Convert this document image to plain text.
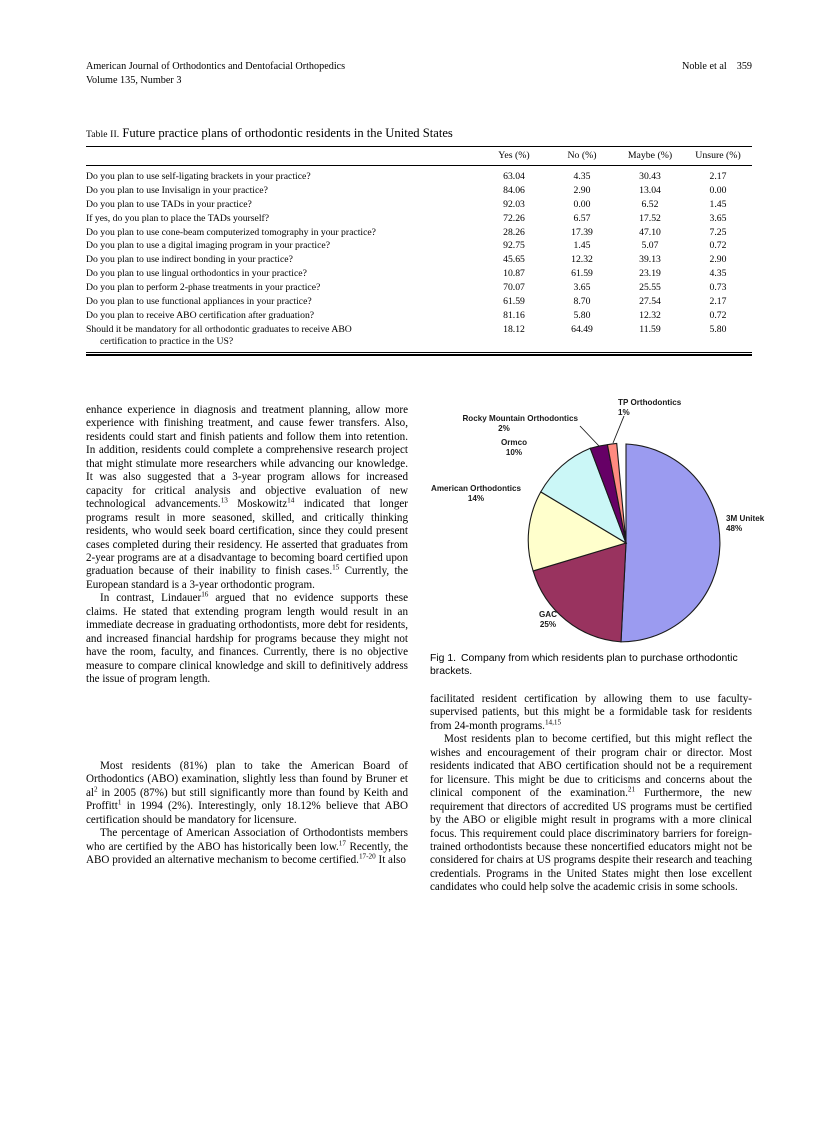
Noble et al 359
American Journal of Orthodontics and Dentofacial Orthopedics
Volume 135, Number 3
Table II. Future practice plans of orthodontic residents in the United States
	Yes (%)	No (%)	Maybe (%)	Unsure (%)
Do you plan to use self-ligating brackets in your practice?	63.04	4.35	30.43	2.17
Do you plan to use Invisalign in your practice?	84.06	2.90	13.04	0.00
Do you plan to use TADs in your practice?	92.03	0.00	6.52	1.45
If yes, do you plan to place the TADs yourself?	72.26	6.57	17.52	3.65
Do you plan to use cone-beam computerized tomography in your practice?	28.26	17.39	47.10	7.25
Do you plan to use a digital imaging program in your practice?	92.75	1.45	5.07	0.72
Do you plan to use indirect bonding in your practice?	45.65	12.32	39.13	2.90
Do you plan to use lingual orthodontics in your practice?	10.87	61.59	23.19	4.35
Do you plan to perform 2-phase treatments in your practice?	70.07	3.65	25.55	0.73
Do you plan to use functional appliances in your practice?	61.59	8.70	27.54	2.17
Do you plan to receive ABO certification after graduation?	81.16	5.80	12.32	0.72
Should it be mandatory for all orthodontic graduates to receive ABO
certification to practice in the US?	18.12	64.49	11.59	5.80

enhance experience in diagnosis and treatment planning, allow more experience with finishing treatment, and cause fewer transfers. Also, residents could start and finish patients and follow them into retention. In addition, residents could complete a comprehensive research project that might stimulate more researchers while advancing our knowledge. It was also suggested that a 3-year program allows for increased capacity for critical analysis and objective evaluation of new technological advancements.$^{13}$ Moskowitz$^{14}$ indicated that longer programs result in more seasoned, skilled, and critically thinking residents, who would seek board certification, since they could present cases completed during their residency. He asserted that graduates from 2-year programs are at a disadvantage to becoming board certified upon graduation because of their inability to finish cases.$^{15}$ Currently, the European standard is a 3-year orthodontic program.

In contrast, Lindauer$^{16}$ argued that no evidence supports these claims. He stated that extending program length would result in an immediate decrease in graduating orthodontists, more debt for residents, and increased financial hardship for programs because they might not have the room, faculty, and finances. Currently, there is no objective measure to compare clinical knowledge and skill to definitively address the issue of program length.

Most residents (81%) plan to take the American Board of Orthodontics (ABO) examination, slightly less than found by Bruner et $al^2$ in 2005 (87%) but still significantly more than found by Keith and Proffitt$^1$ in 1994 (2%). Interestingly, only 18.12% believe that ABO certification should be mandatory for licensure.

The percentage of American Association of Orthodontists members who are certified by the ABO has historically been low.$^{17}$ Recently, the ABO provided an alternative mechanism to become certified.$^{17-20}$ It also

Rocky Mountain Orthodontics
2%
TP Orthodontics
1%
Ormco
10%
American Orthodontics
14%
3M Unitek
48%
GAC
25%
Fig 1. Company from which residents plan to purchase orthodontic brackets.

facilitated resident certification by allowing them to use faculty-supervised patients, but this might be a formidable task for residents from 24-month programs.$^{14,15}$

Most residents plan to become certified, but this might reflect the wishes and encouragement of their program chair or director. Most residents indicated that ABO certification should not be a requirement for licensure. This might be due to criticisms and concerns about the clinical component of the examination.$^{21}$ Furthermore, the new requirement that directors of accredited US programs must be certified by the ABO or eligible might result in programs with a more clinical focus. This requirement could place discriminatory barriers for foreign-trained orthodontists because these noncertified educators might not be considered for chairs at US programs despite their research and teaching credentials. Programs in the United States might then lose excellent candidates who could help solve the academic crisis in some schools.
